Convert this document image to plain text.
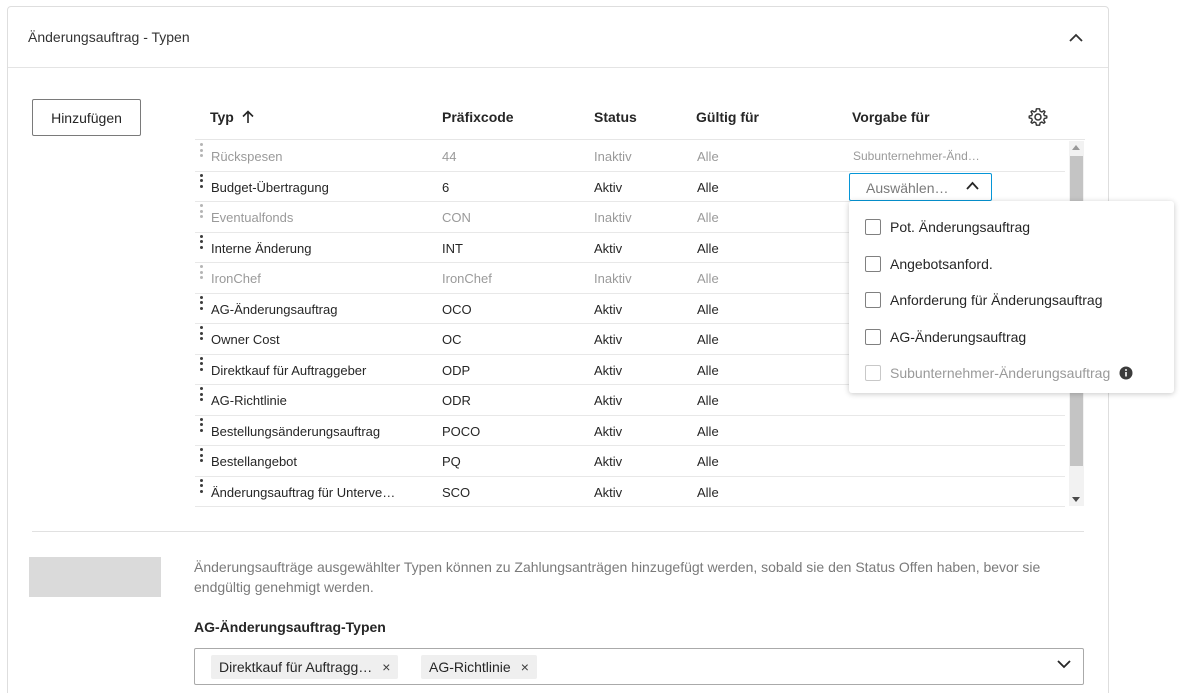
Änderungsauftrag - Typen
Hinzufügen	Typ	Präfixcode	Status	Gültig für	Vorgabe für
Rückspesen	44	Inaktiv	Alle	Subunternehmer-Änd…
Budget-Übertragung	6	Aktiv	Alle
Eventualfonds	CON	Inaktiv	Alle
Interne Änderung	INT	Aktiv	Alle
IronChef	IronChef	Inaktiv	Alle
AG-Änderungsauftrag	OCO	Aktiv	Alle
Owner Cost	OC	Aktiv	Alle
Direktkauf für Auftraggeber	ODP	Aktiv	Alle
AG-Richtlinie	ODR	Aktiv	Alle
Bestellungsänderungsauftrag	POCO	Aktiv	Alle
Bestellangebot	PQ	Aktiv	Alle
Änderungsauftrag für Unterve…	SCO	Aktiv	Alle
Auswählen…
Pot. Änderungsauftrag
Angebotsanford.
Anforderung für Änderungsauftrag
AG-Änderungsauftrag
Subunternehmer-Änderungsauftrag
Änderungsaufträge ausgewählter Typen können zu Zahlungsanträgen hinzugefügt werden, sobald sie den Status Offen haben, bevor sie endgültig genehmigt werden.
AG-Änderungsauftrag-Typen
Direktkauf für Auftragg… ×	AG-Richtlinie ×
